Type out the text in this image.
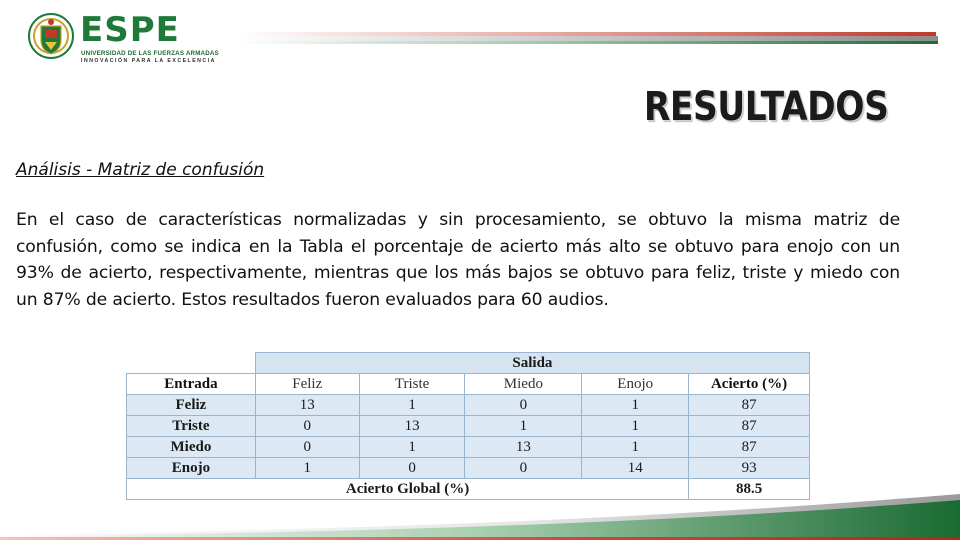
ESPE
UNIVERSIDAD DE LAS FUERZAS ARMADAS
INNOVACIÓN PARA LA EXCELENCIA
RESULTADOS
Análisis - Matriz de confusión
En el caso de características normalizadas y sin procesamiento, se obtuvo la misma matriz de confusión, como se indica en la Tabla el porcentaje de acierto más alto se obtuvo para enojo con un 93% de acierto, respectivamente, mientras que los más bajos se obtuvo para feliz, triste y miedo con un 87% de acierto. Estos resultados fueron evaluados para 60 audios.
	Salida				
Entrada	Feliz	Triste	Miedo	Enojo	Acierto (%)
Feliz	13	1	0	1	87
Triste	0	13	1	1	87
Miedo	0	1	13	1	87
Enojo	1	0	0	14	93
Acierto Global (%)					88.5
